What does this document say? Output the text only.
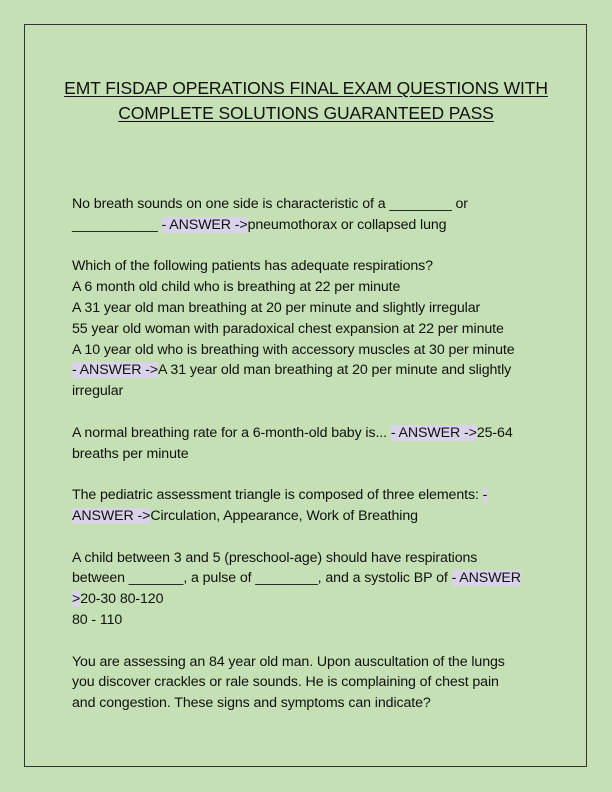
EMT FISDAP OPERATIONS FINAL EXAM QUESTIONS WITH
COMPLETE SOLUTIONS GUARANTEED PASS
No breath sounds on one side is characteristic of a ________ or
___________ - ANSWER ->pneumothorax or collapsed lung
Which of the following patients has adequate respirations?
A 6 month old child who is breathing at 22 per minute
A 31 year old man breathing at 20 per minute and slightly irregular
55 year old woman with paradoxical chest expansion at 22 per minute
A 10 year old who is breathing with accessory muscles at 30 per minute
- ANSWER ->A 31 year old man breathing at 20 per minute and slightly
irregular
A normal breathing rate for a 6-month-old baby is... - ANSWER ->25-64
breaths per minute
The pediatric assessment triangle is composed of three elements: -
ANSWER ->Circulation, Appearance, Work of Breathing
A child between 3 and 5 (preschool-age) should have respirations
between _______, a pulse of ________, and a systolic BP of - ANSWER
>20-30 80-120
80 - 110
You are assessing an 84 year old man. Upon auscultation of the lungs
you discover crackles or rale sounds. He is complaining of chest pain
and congestion. These signs and symptoms can indicate?
